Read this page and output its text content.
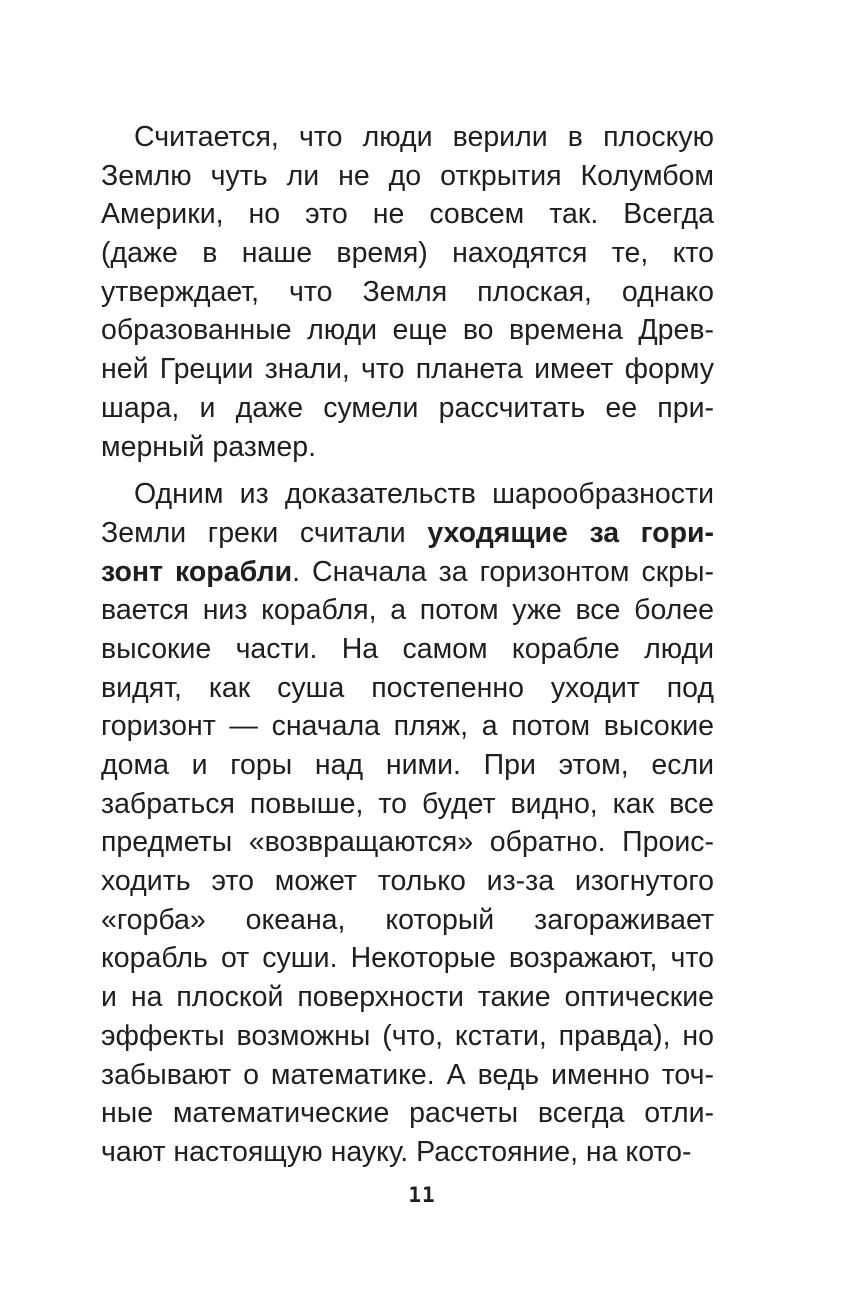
Считается, что люди верили в плоскую
Землю чуть ли не до открытия Колумбом
Америки, но это не совсем так. Всегда
(даже в наше время) находятся те, кто
утверждает, что Земля плоская, однако
образованные люди еще во времена Древ-
ней Греции знали, что планета имеет форму
шара, и даже сумели рассчитать ее при-
мерный размер.
Одним из доказательств шарообразности
Земли греки считали уходящие за гори-
зонт корабли. Сначала за горизонтом скры-
вается низ корабля, а потом уже все более
высокие части. На самом корабле люди
видят, как суша постепенно уходит под
горизонт — сначала пляж, а потом высокие
дома и горы над ними. При этом, если
забраться повыше, то будет видно, как все
предметы «возвращаются» обратно. Проис-
ходить это может только из-за изогнутого
«горба» океана, который загораживает
корабль от суши. Некоторые возражают, что
и на плоской поверхности такие оптические
эффекты возможны (что, кстати, правда), но
забывают о математике. А ведь именно точ-
ные математические расчеты всегда отли-
чают настоящую науку. Расстояние, на кото-
11
